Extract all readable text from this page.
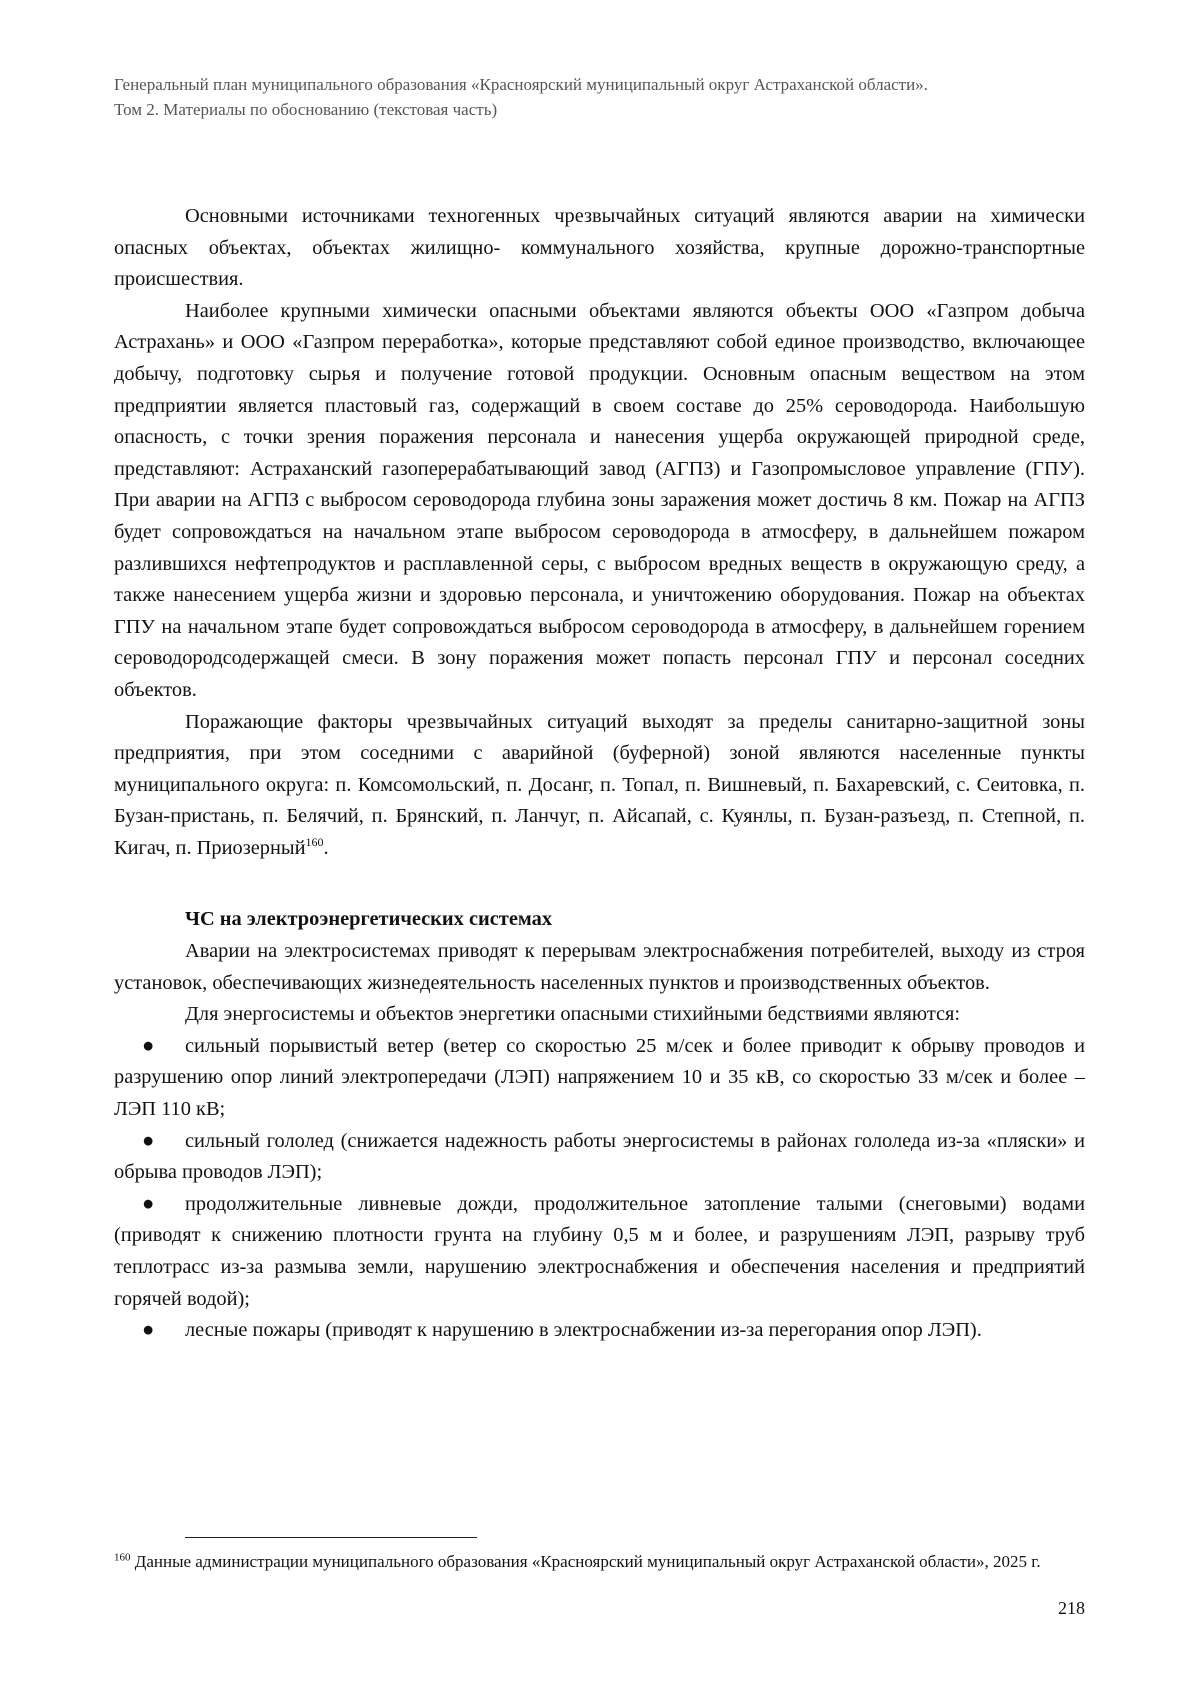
Генеральный план муниципального образования «Красноярский муниципальный округ Астраханской области».
Том 2. Материалы по обоснованию (текстовая часть)

Основными источниками техногенных чрезвычайных ситуаций являются аварии на химически опасных объектах, объектах жилищно- коммунального хозяйства, крупные дорожно-транспортные происшествия.

Наиболее крупными химически опасными объектами являются объекты ООО «Газпром добыча Астрахань» и ООО «Газпром переработка», которые представляют собой единое производство, включающее добычу, подготовку сырья и получение готовой продукции. Основным опасным веществом на этом предприятии является пластовый газ, содержащий в своем составе до 25% сероводорода. Наибольшую опасность, с точки зрения поражения персонала и нанесения ущерба окружающей природной среде, представляют: Астраханский газоперерабатывающий завод (АГПЗ) и Газопромысловое управление (ГПУ). При аварии на АГПЗ с выбросом сероводорода глубина зоны заражения может достичь 8 км. Пожар на АГПЗ будет сопровождаться на начальном этапе выбросом сероводорода в атмосферу, в дальнейшем пожаром разлившихся нефтепродуктов и расплавленной серы, с выбросом вредных веществ в окружающую среду, а также нанесением ущерба жизни и здоровью персонала, и уничтожению оборудования. Пожар на объектах ГПУ на начальном этапе будет сопровождаться выбросом сероводорода в атмосферу, в дальнейшем горением сероводородсодержащей смеси. В зону поражения может попасть персонал ГПУ и персонал соседних объектов.

Поражающие факторы чрезвычайных ситуаций выходят за пределы санитарно-защитной зоны предприятия, при этом соседними с аварийной (буферной) зоной являются населенные пункты муниципального округа: п. Комсомольский, п. Досанг, п. Топал, п. Вишневый, п. Бахаревский, с. Сеитовка, п. Бузан-пристань, п. Белячий, п. Брянский, п. Ланчуг, п. Айсапай, с. Куянлы, п. Бузан-разъезд, п. Степной, п. Кигач, п. Приозерный$^{160}$.

ЧС на электроэнергетических системах

Аварии на электросистемах приводят к перерывам электроснабжения потребителей, выходу из строя установок, обеспечивающих жизнедеятельность населенных пунктов и производственных объектов.

Для энергосистемы и объектов энергетики опасными стихийными бедствиями являются:

● сильный порывистый ветер (ветер со скоростью 25 м/сек и более приводит к обрыву проводов и разрушению опор линий электропередачи (ЛЭП) напряжением 10 и 35 кВ, со скоростью 33 м/сек и более – ЛЭП 110 кВ;

● сильный гололед (снижается надежность работы энергосистемы в районах гололеда из-за «пляски» и обрыва проводов ЛЭП);

● продолжительные ливневые дожди, продолжительное затопление талыми (снеговыми) водами (приводят к снижению плотности грунта на глубину 0,5 м и более, и разрушениям ЛЭП, разрыву труб теплотрасс из-за размыва земли, нарушению электроснабжения и обеспечения населения и предприятий горячей водой);

● лесные пожары (приводят к нарушению в электроснабжении из-за перегорания опор ЛЭП).

$^{160}$ Данные администрации муниципального образования «Красноярский муниципальный округ Астраханской области», 2025 г.
218
